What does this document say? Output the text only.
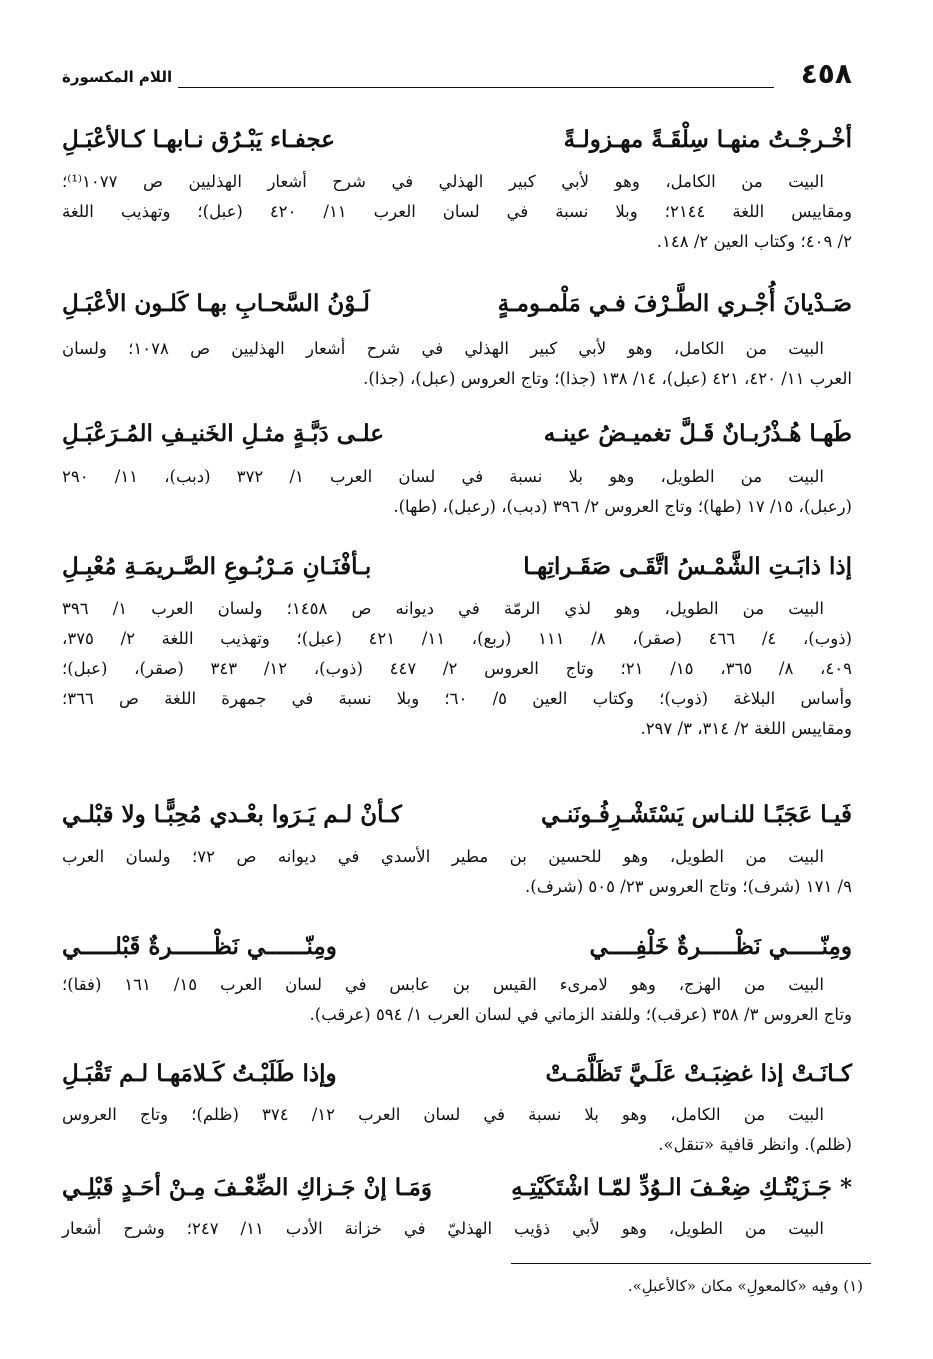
٤٥٨
اللام المكسورة
أخْـرجْـتُ منهـا سِلْقَـةً مهـزولـةً
عجفـاء يَبْـرُق نـابهـا كـالأعْبَـلِ
البيت من الكامل، وهو لأبي كبير الهذلي في شرح أشعار الهذليين ص ١٠٧٧⁽¹⁾؛
ومقاييس اللغة ٢١٤٤؛ وبلا نسبة في لسان العرب ١١/ ٤٢٠ (عبل)؛ وتهذيب اللغة
٢/ ٤٠٩؛ وكتاب العين ٢/ ١٤٨.
صَـدْيانَ أُجْـري الطَّـرْفَ فـي مَلْمـومـةٍ
لَـوْنُ السَّحـابِ بهـا كَلـون الأعْبَـلِ
البيت من الكامل، وهو لأبي كبير الهذلي في شرح أشعار الهذليين ص ١٠٧٨؛ ولسان
العرب ١١/ ٤٢٠، ٤٢١ (عبل)، ١٤/ ١٣٨ (جذا)؛ وتاج العروس (عبل)، (جذا).
طَهـا هُـذْرُبـانٌ قَـلَّ تغميـضُ عينـه
علـى دَبَّـةٍ مثـلِ الخَنيـفِ المُـرَعْبَـلِ
البيت من الطويل، وهو بلا نسبة في لسان العرب ١/ ٣٧٢ (دبب)، ١١/ ٢٩٠
(رعبل)، ١٥/ ١٧ (طها)؛ وتاج العروس ٢/ ٣٩٦ (دبب)، (رعبل)، (طها).
إذا ذابَـتِ الشَّمْـسُ اتَّقَـى صَقَـراتِهـا
بـأفْنَـانِ مَـرْبُـوعِ الصَّـريمَـةِ مُعْبِـلِ
البيت من الطويل، وهو لذي الرمّة في ديوانه ص ١٤٥٨؛ ولسان العرب ١/ ٣٩٦
(ذوب)، ٤/ ٤٦٦ (صقر)، ٨/ ١١١ (ربع)، ١١/ ٤٢١ (عبل)؛ وتهذيب اللغة ٢/ ٣٧٥،
٤٠٩، ٨/ ٣٦٥، ١٥/ ٢١؛ وتاج العروس ٢/ ٤٤٧ (ذوب)، ١٢/ ٣٤٣ (صقر)، (عبل)؛
وأساس البلاغة (ذوب)؛ وكتاب العين ٥/ ٦٠؛ وبلا نسبة في جمهرة اللغة ص ٣٦٦؛
ومقاييس اللغة ٢/ ٣١٤، ٣/ ٢٩٧.
فَيـا عَجَبًـا للنـاس يَسْتَشْـرِفُـونَنـي
كـأنْ لـم يَـرَوا بعْـدي مُحِبًّـا ولا قبْلـي
البيت من الطويل، وهو للحسين بن مطير الأسدي في ديوانه ص ٧٢؛ ولسان العرب
٩/ ١٧١ (شرف)؛ وتاج العروس ٢٣/ ٥٠٥ (شرف).
ومِنّـــــي نَظْـــــرةٌ خَلْفِــــي
ومِنّــــــي نَظْــــــرةٌ قَبْلـــــي
البيت من الهزج، وهو لامرىء القيس بن عابس في لسان العرب ١٥/ ١٦١ (فقا)؛
وتاج العروس ٣/ ٣٥٨ (عرقب)؛ وللفند الزماني في لسان العرب ١/ ٥٩٤ (عرقب).
كـانَـتْ إذا غضِبَـتْ عَلَـيَّ تَظَلَّمَـتْ
وإذا طَلَبْـتُ كَـلامَهـا لـم تَقْبَـلِ
البيت من الكامل، وهو بلا نسبة في لسان العرب ١٢/ ٣٧٤ (ظلم)؛ وتاج العروس
(ظلم). وانظر قافية «تنقل».
* جَـزَيْتُـكِ ضِعْـفَ الـوُدِّ لمّـا اشْتَكَيْتِـهِ
وَمَـا إنْ جَـزاكِ الضِّعْـفَ مِـنْ أحَـدٍ قَبْلِـي
البيت من الطويل، وهو لأبي ذؤيب الهذليّ في خزانة الأدب ١١/ ٢٤٧؛ وشرح أشعار
(١) وفيه «كالمعولِ» مكان «كالأعبلِ».
